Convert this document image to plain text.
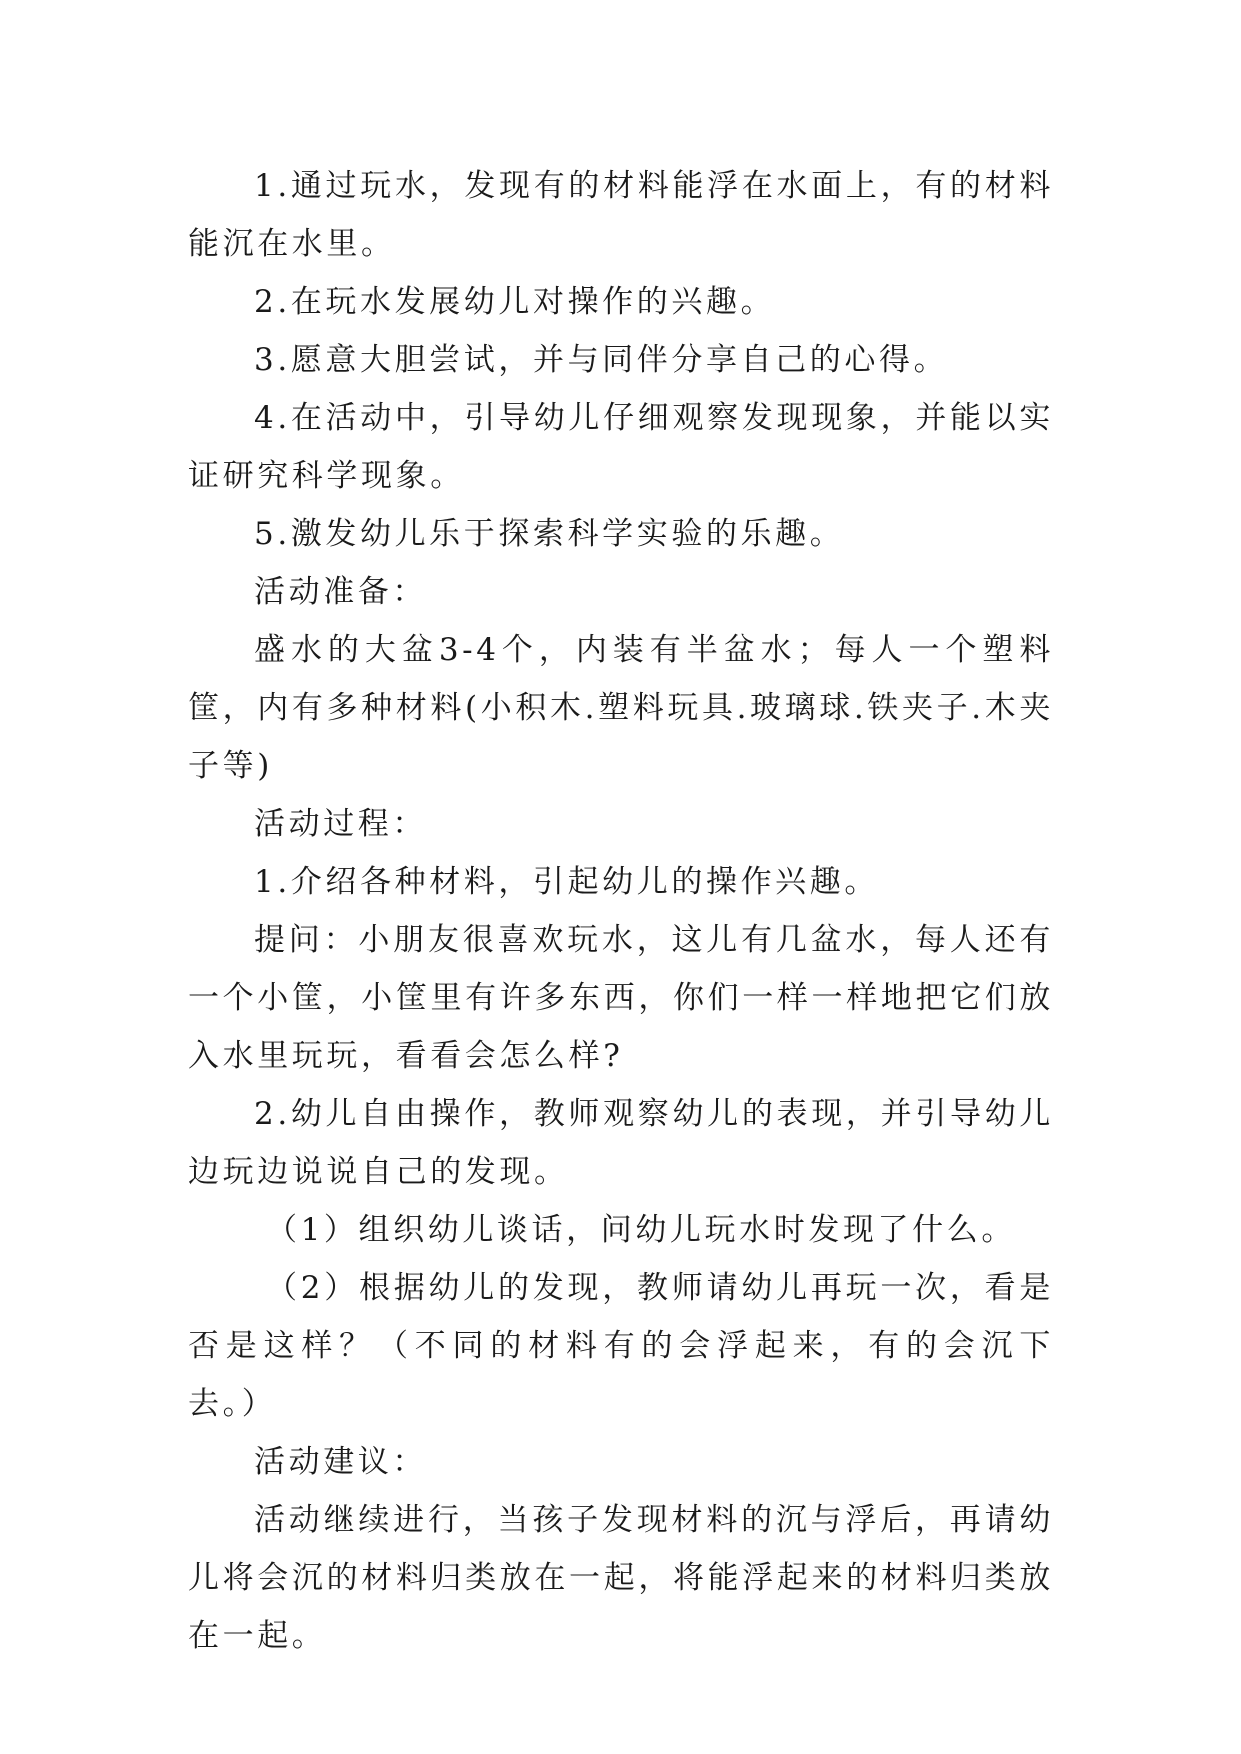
1.通过玩水，发现有的材料能浮在水面上，有的材料能沉在水里。

2.在玩水发展幼儿对操作的兴趣。

3.愿意大胆尝试，并与同伴分享自己的心得。

4.在活动中，引导幼儿仔细观察发现现象，并能以实证研究科学现象。

5.激发幼儿乐于探索科学实验的乐趣。

活动准备：

盛水的大盆3-4个，内装有半盆水；每人一个塑料筐，内有多种材料(小积木.塑料玩具.玻璃球.铁夹子.木夹子等)

活动过程：

1.介绍各种材料，引起幼儿的操作兴趣。

提问：小朋友很喜欢玩水，这儿有几盆水，每人还有一个小筐，小筐里有许多东西，你们一样一样地把它们放入水里玩玩，看看会怎么样?

2.幼儿自由操作，教师观察幼儿的表现，并引导幼儿边玩边说说自己的发现。

（1）组织幼儿谈话，问幼儿玩水时发现了什么。

（2）根据幼儿的发现，教师请幼儿再玩一次，看是否是这样？（不同的材料有的会浮起来，有的会沉下去。）

活动建议：

活动继续进行，当孩子发现材料的沉与浮后，再请幼儿将会沉的材料归类放在一起，将能浮起来的材料归类放在一起。
